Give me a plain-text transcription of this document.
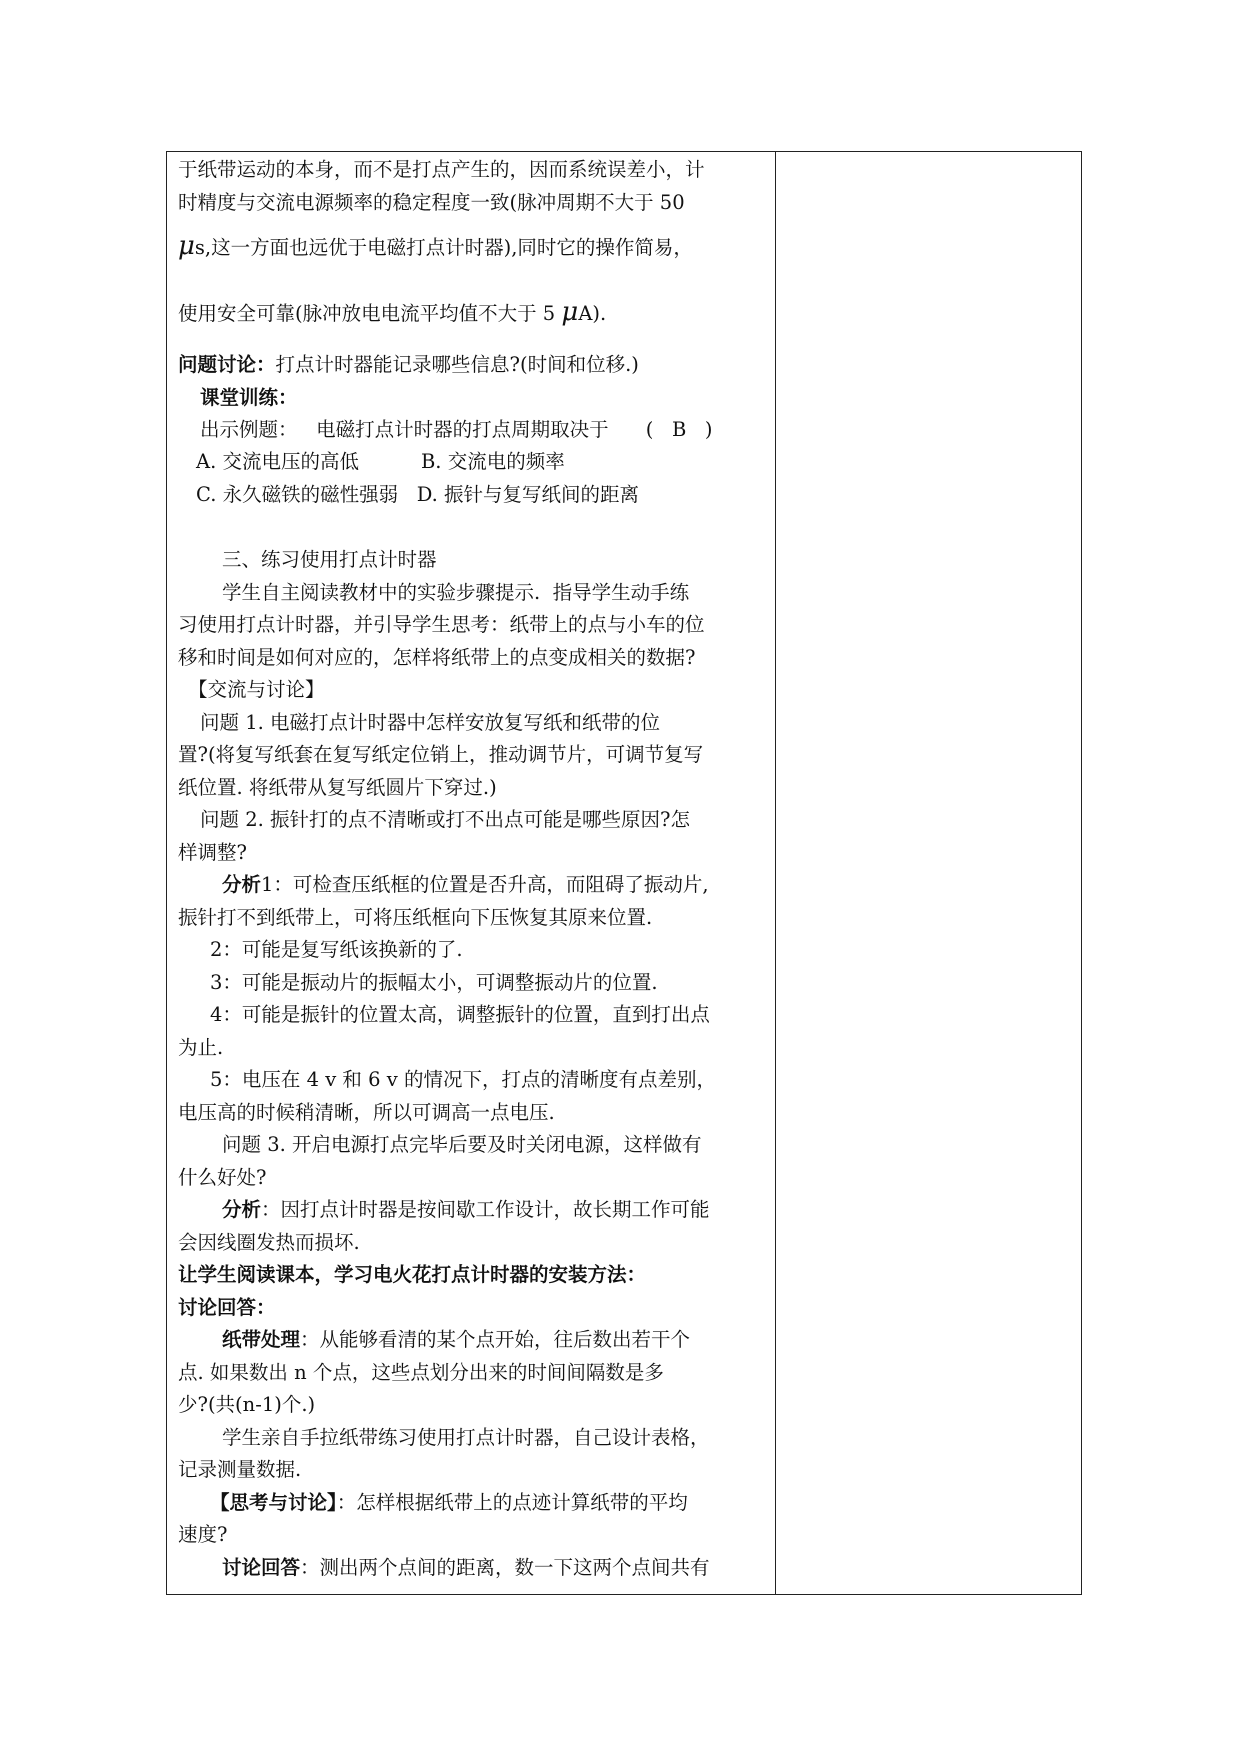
于纸带运动的本身，而不是打点产生的，因而系统误差小，计
时精度与交流电源频率的稳定程度一致(脉冲周期不大于 50
μs,这一方面也远优于电磁打点计时器),同时它的操作简易，
使用安全可靠(脉冲放电电流平均值不大于 5 μA).
问题讨论：打点计时器能记录哪些信息?(时间和位移.)
课堂训练：
出示例题：   电磁打点计时器的打点周期取决于      (   B   )
A. 交流电压的高低          B. 交流电的频率
C. 永久磁铁的磁性强弱   D. 振针与复写纸间的距离
三、练习使用打点计时器
学生自主阅读教材中的实验步骤提示.  指导学生动手练
习使用打点计时器，并引导学生思考：纸带上的点与小车的位
移和时间是如何对应的，怎样将纸带上的点变成相关的数据?
【交流与讨论】
问题 1. 电磁打点计时器中怎样安放复写纸和纸带的位
置?(将复写纸套在复写纸定位销上，推动调节片，可调节复写
纸位置. 将纸带从复写纸圆片下穿过.)
问题 2. 振针打的点不清晰或打不出点可能是哪些原因?怎
样调整?
分析1：可检查压纸框的位置是否升高，而阻碍了振动片,
振针打不到纸带上，可将压纸框向下压恢复其原来位置.
2：可能是复写纸该换新的了.
3：可能是振动片的振幅太小，可调整振动片的位置.
4：可能是振针的位置太高，调整振针的位置，直到打出点
为止.
5：电压在 4 v 和 6 v 的情况下，打点的清晰度有点差别，
电压高的时候稍清晰，所以可调高一点电压.
问题 3. 开启电源打点完毕后要及时关闭电源，这样做有
什么好处?
分析：因打点计时器是按间歇工作设计，故长期工作可能
会因线圈发热而损坏.
让学生阅读课本，学习电火花打点计时器的安装方法：
讨论回答：
纸带处理：从能够看清的某个点开始，往后数出若干个
点. 如果数出 n 个点，这些点划分出来的时间间隔数是多
少?(共(n-1)个.)
学生亲自手拉纸带练习使用打点计时器，自己设计表格，
记录测量数据.
【思考与讨论】：怎样根据纸带上的点迹计算纸带的平均
速度?
讨论回答：测出两个点间的距离，数一下这两个点间共有
